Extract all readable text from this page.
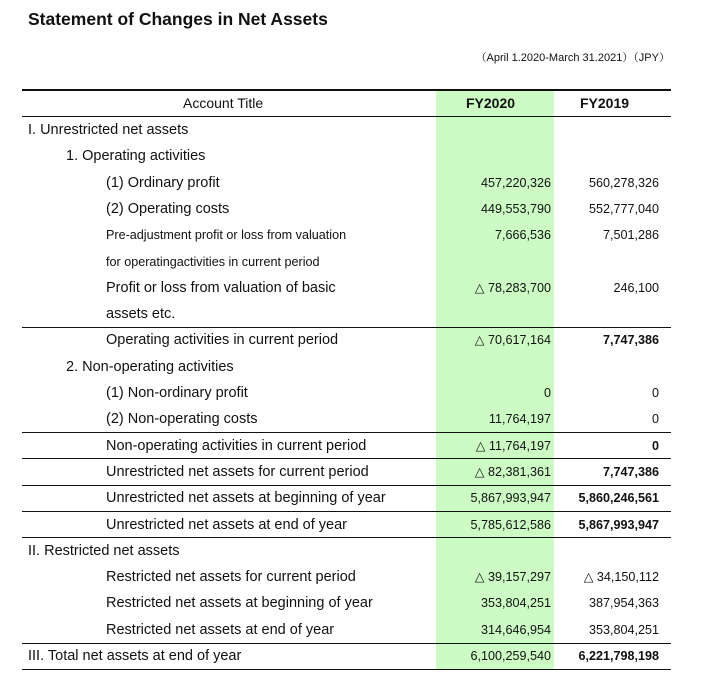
Statement of Changes in Net Assets
（April 1.2020-March 31.2021）（JPY）
Account Title	FY2020	FY2019
I. Unrestricted net assets
1. Operating activities
(1) Ordinary profit	457,220,326	560,278,326
(2) Operating costs	449,553,790	552,777,040
Pre-adjustment profit or loss from valuation	7,666,536	7,501,286
for operatingactivities in current period
Profit or loss from valuation of basic	△ 78,283,700	246,100
assets etc.
Operating activities in current period	△ 70,617,164	7,747,386
2. Non-operating activities
(1) Non-ordinary profit	0	0
(2) Non-operating costs	11,764,197	0
Non-operating activities in current period	△ 11,764,197	0
Unrestricted net assets for current period	△ 82,381,361	7,747,386
Unrestricted net assets at beginning of year	5,867,993,947 5,860,246,561
Unrestricted net assets at end of year	5,785,612,586 5,867,993,947
II. Restricted net assets
Restricted net assets for current period	△ 39,157,297	△ 34,150,112
Restricted net assets at beginning of year	353,804,251	387,954,363
Restricted net assets at end of year	314,646,954	353,804,251
III. Total net assets at end of year	6,100,259,540 6,221,798,198
